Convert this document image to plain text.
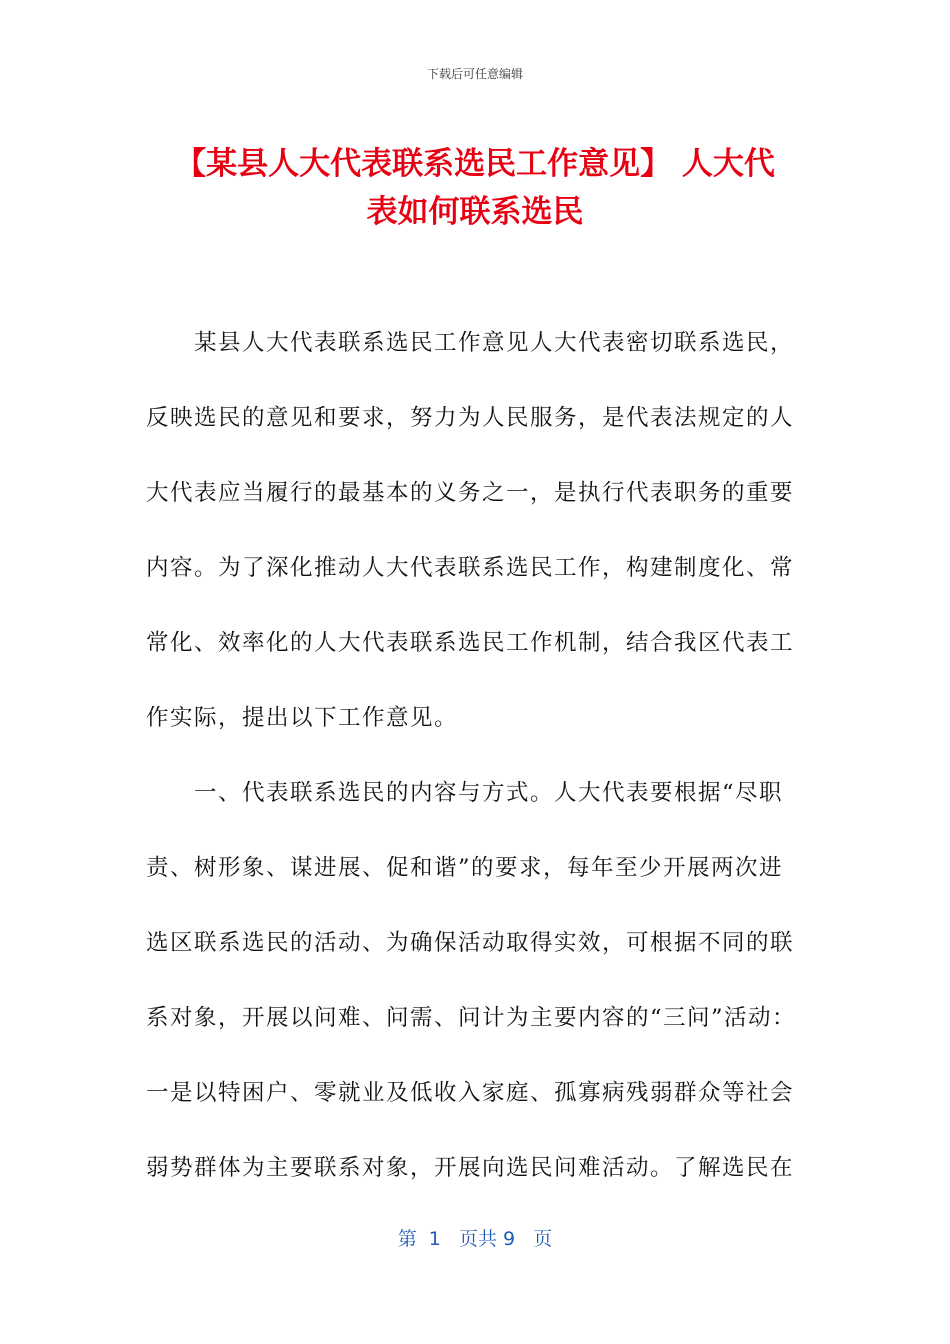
下载后可任意编辑
【某县人大代表联系选民工作意见】 人大代
表如何联系选民
　　某县人大代表联系选民工作意见人大代表密切联系选民，
反映选民的意见和要求，努力为人民服务，是代表法规定的人
大代表应当履行的最基本的义务之一，是执行代表职务的重要
内容。为了深化推动人大代表联系选民工作，构建制度化、常
常化、效率化的人大代表联系选民工作机制，结合我区代表工
作实际，提出以下工作意见。
　　一、代表联系选民的内容与方式。人大代表要根据“尽职
责、树形象、谋进展、促和谐”的要求，每年至少开展两次进
选区联系选民的活动、为确保活动取得实效，可根据不同的联
系对象，开展以问难、问需、问计为主要内容的“三问”活动：
一是以特困户、零就业及低收入家庭、孤寡病残弱群众等社会
弱势群体为主要联系对象，开展向选民问难活动。了解选民在
第  1   页共 9   页
